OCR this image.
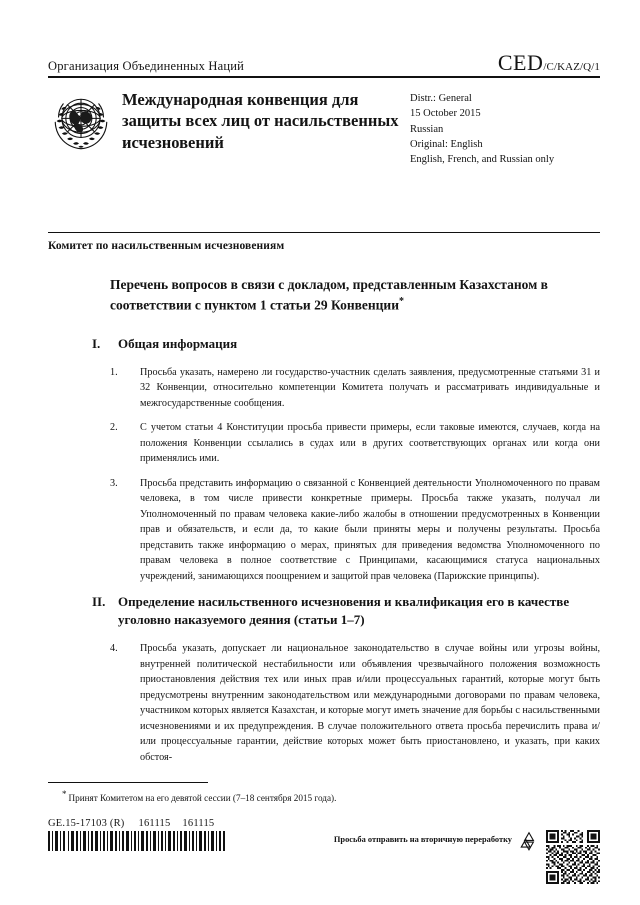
Организация Объединенных Наций	CED /C/KAZ/Q/1
Международная конвенция для защиты всех лиц от насильственных исчезновений
Distr.: General
15 October 2015
Russian
Original: English
English, French, and Russian only
Комитет по насильственным исчезновениям
Перечень вопросов в связи с докладом, представленным Казахстаном в соответствии с пунктом 1 статьи 29 Конвенции*
I.	Общая информация
1.	Просьба указать, намерено ли государство-участник сделать заявления, предусмотренные статьями 31 и 32 Конвенции, относительно компетенции Комитета получать и рассматривать индивидуальные и межгосударственные сообщения.
2.	С учетом статьи 4 Конституции просьба привести примеры, если таковые имеются, случаев, когда на положения Конвенции ссылались в судах или в других соответствующих органах или когда они применялись ими.
3.	Просьба представить информацию о связанной с Конвенцией деятельности Уполномоченного по правам человека, в том числе привести конкретные примеры. Просьба также указать, получал ли Уполномоченный по правам человека какие-либо жалобы в отношении предусмотренных в Конвенции прав и обязательств, и если да, то какие были приняты меры и получены результаты. Просьба представить также информацию о мерах, принятых для приведения ведомства Уполномоченного по правам человека в полное соответствие с Принципами, касающимися статуса национальных учреждений, занимающихся поощрением и защитой прав человека (Парижские принципы).
II. Определение насильственного исчезновения и квалификация его в качестве уголовно наказуемого деяния (статьи 1–7)
4.	Просьба указать, допускает ли национальное законодательство в случае войны или угрозы войны, внутренней политической нестабильности или объявления чрезвычайного положения возможность приостановления действия тех или иных прав и/или процессуальных гарантий, которые могут быть предусмотрены внутренним законодательством или международными договорами по правам человека, участником которых является Казахстан, и которые могут иметь значение для борьбы с насильственными исчезновениями и их предупреждения. В случае положительного ответа просьба перечислить права и/или процессуальные гарантии, действие которых может быть приостановлено, и указать, при каких обстоя-
* Принят Комитетом на его девятой сессии (7–18 сентября 2015 года).
GE.15-17103 (R) 161115 161115
Просьба отправить на вторичную переработку
